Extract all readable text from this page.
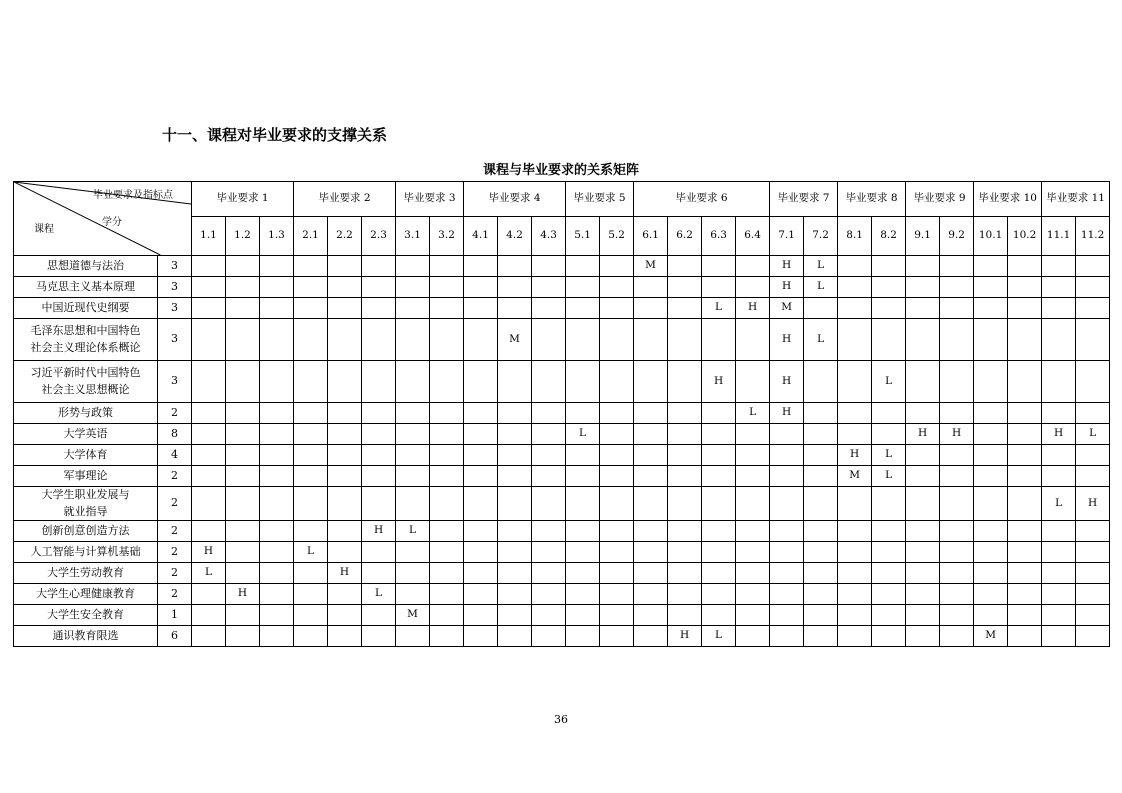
十一、课程对毕业要求的支撑关系
课程与毕业要求的关系矩阵
毕业要求及指标点
学分
课程		毕业要求 1			毕业要求 2			毕业要求 3		毕业要求 4			毕业要求 5		毕业要求 6				毕业要求 7		毕业要求 8		毕业要求 9		毕业要求 10		毕业要求 11	
		1.1	1.2	1.3	2.1	2.2	2.3	3.1	3.2	4.1	4.2	4.3	5.1	5.2	6.1	6.2	6.3	6.4	7.1	7.2	8.1	8.2	9.1	9.2	10.1	10.2	11.1	11.2

思想道德与法治	3														M				H	L								

马克思主义基本原理	3																		H	L								

中国近现代史纲要	3																L	H	M									

毛泽东思想和中国特色
社会主义理论体系概论	3										M								H	L								

习近平新时代中国特色
社会主义思想概论	3																H		H			L						

形势与政策	2																	L	H									

大学英语	8												L										H	H			H	L

大学体育	4																				H	L						

军事理论	2																				M	L						

大学生职业发展与
就业指导	2																										L	H

创新创意创造方法	2						H	L																				

人工智能与计算机基础	2	H			L																							

大学生劳动教育	2	L				H																						

大学生心理健康教育	2		H				L																					

大学生安全教育	1							M																				

通识教育限选	6															H	L								M			
36
